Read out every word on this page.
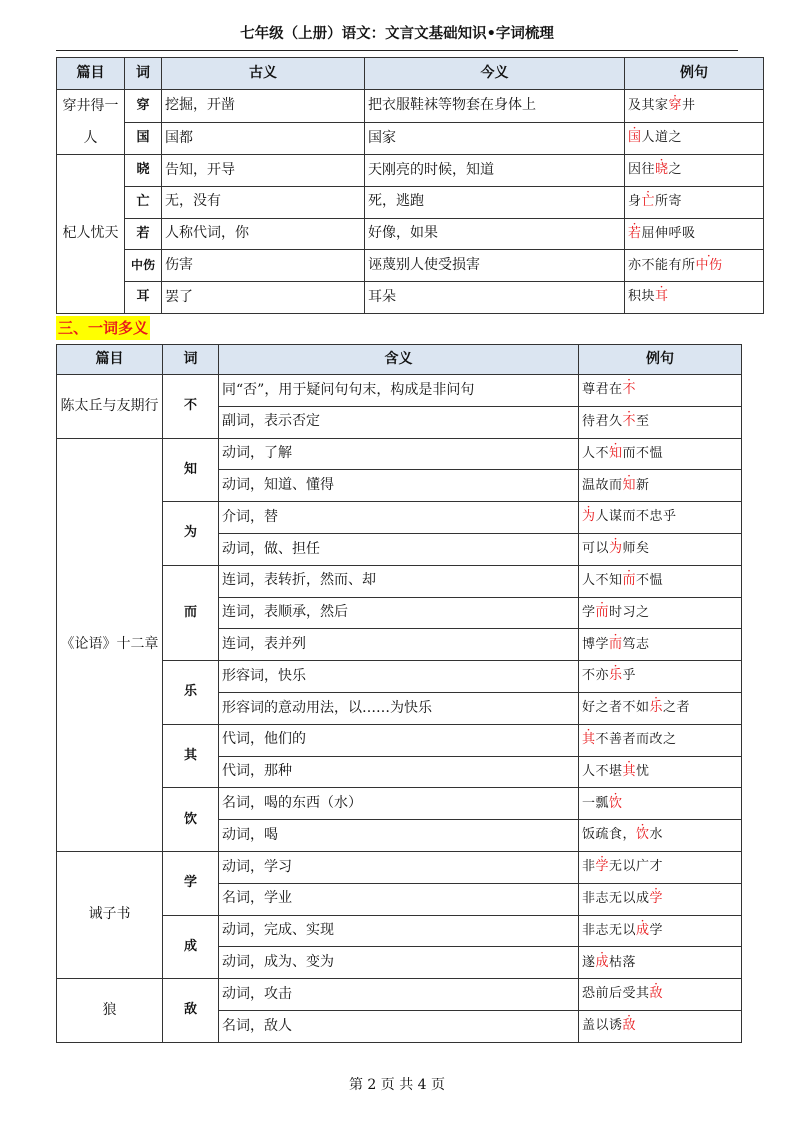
七年级（上册）语文：文言文基础知识•字词梳理
篇目	词	古义	今义	例句
穿井得一人	穿	挖掘，开凿	把衣服鞋袜等物套在身体上	及其家穿井
	国	国都	国家	国人道之
杞人忧天	晓	告知，开导	天刚亮的时候，知道	因往晓之
	亡	无，没有	死，逃跑	身亡所寄
	若	人称代词，你	好像，如果	若屈伸呼吸
	中伤	伤害	诬蔑别人使受损害	亦不能有所中伤
	耳	罢了	耳朵	积块耳
三、一词多义
篇目	词	含义	例句
陈太丘与友期行	不	同“否”，用于疑问句句末，构成是非问句	尊君在不
		副词，表示否定	待君久不至
《论语》十二章	知	动词，了解	人不知而不愠
		动词，知道、懂得	温故而知新
	为	介词，替	为人谋而不忠乎
		动词，做、担任	可以为师矣
	而	连词，表转折，然而、却	人不知而不愠
		连词，表顺承，然后	学而时习之
		连词，表并列	博学而笃志
	乐	形容词，快乐	不亦乐乎
		形容词的意动用法，以……为快乐	好之者不如乐之者
	其	代词，他们的	其不善者而改之
		代词，那种	人不堪其忧
	饮	名词，喝的东西（水）	一瓢饮
		动词，喝	饭疏食，饮水
诫子书	学	动词，学习	非学无以广才
		名词，学业	非志无以成学
	成	动词，完成、实现	非志无以成学
		动词，成为、变为	遂成枯落
狼	敌	动词，攻击	恐前后受其敌
		名词，敌人	盖以诱敌
第 2 页 共 4 页
